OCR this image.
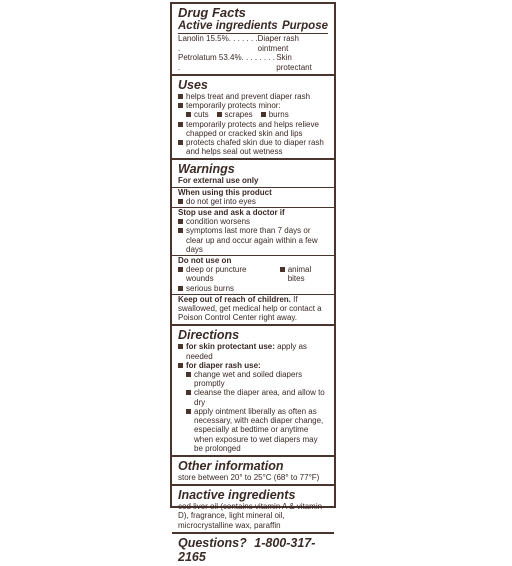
Drug Facts
Active ingredients Purpose
Lanolin 15.5%. . . . . . . .
Diaper rash ointment
Petrolatum 53.4%. . . . . . . . .
Skin protectant
Uses
helps treat and prevent diaper rash
temporarily protects minor:
cuts scrapes burns
temporarily protects and helps relieve chapped or cracked skin and lips
protects chafed skin due to diaper rash and helps seal out wetness
Warnings
For external use only
When using this product
do not get into eyes
Stop use and ask a doctor if
condition worsens
symptoms last more than 7 days or clear up and occur again within a few days
Do not use on
deep or puncture wounds
animal bites
serious burns
Keep out of reach of children. If swallowed, get medical help or contact a Poison Control Center right away.
Directions
for skin protectant use: apply as needed
for diaper rash use:
change wet and soiled diapers promptly
cleanse the diaper area, and allow to dry
apply ointment liberally as often as necessary, with each diaper change, especially at bedtime or anytime when exposure to wet diapers may be prolonged
Other information
store between 20° to 25°C (68° to 77°F)
Inactive ingredients
cod liver oil (contains vitamin A & vitamin D), fragrance, light mineral oil, microcrystalline wax, paraffin
Questions? 1-800-317-2165
